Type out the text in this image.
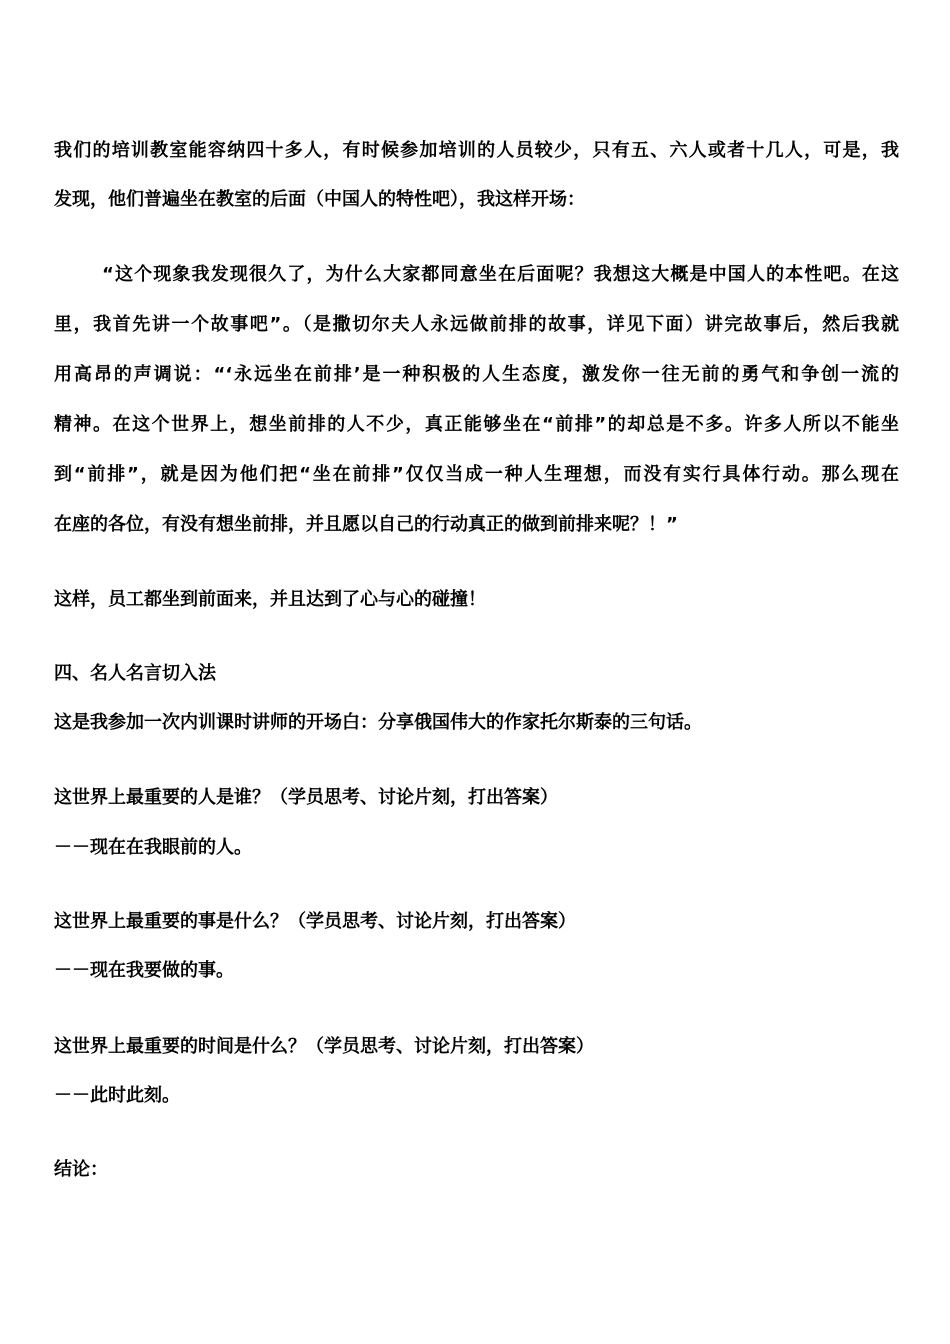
我们的培训教室能容纳四十多人，有时候参加培训的人员较少，只有五、六人或者十几人，可是，我
发现，他们普遍坐在教室的后面（中国人的特性吧），我这样开场：
“这个现象我发现很久了，为什么大家都同意坐在后面呢？我想这大概是中国人的本性吧。在这
里，我首先讲一个故事吧”。（是撒切尔夫人永远做前排的故事，详见下面）讲完故事后，然后我就
用高昂的声调说：“‘永远坐在前排’是一种积极的人生态度，激发你一往无前的勇气和争创一流的
精神。在这个世界上，想坐前排的人不少，真正能够坐在“前排”的却总是不多。许多人所以不能坐
到“前排”，就是因为他们把“坐在前排”仅仅当成一种人生理想，而没有实行具体行动。那么现在
在座的各位，有没有想坐前排，并且愿以自己的行动真正的做到前排来呢？！”
这样，员工都坐到前面来，并且达到了心与心的碰撞！
四、名人名言切入法
这是我参加一次内训课时讲师的开场白：分享俄国伟大的作家托尔斯泰的三句话。
这世界上最重要的人是谁？（学员思考、讨论片刻，打出答案）
－－现在在我眼前的人。
这世界上最重要的事是什么？（学员思考、讨论片刻，打出答案）
－－现在我要做的事。
这世界上最重要的时间是什么？（学员思考、讨论片刻，打出答案）
－－此时此刻。
结论：
